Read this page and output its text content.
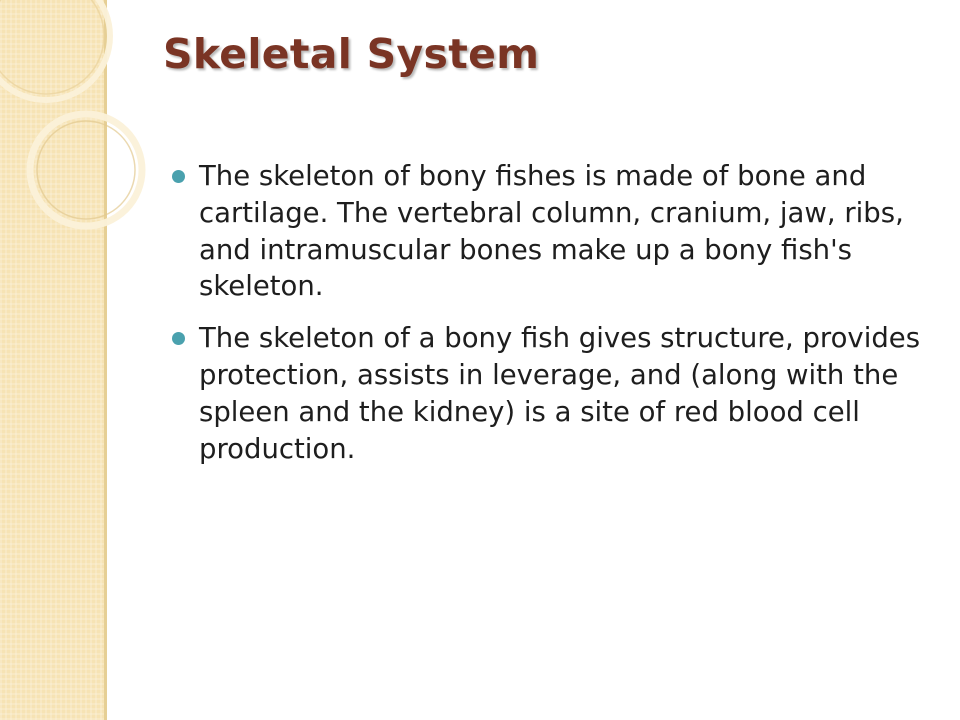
Skeletal System
The skeleton of bony fishes is made of bone and cartilage. The vertebral column, cranium, jaw, ribs, and intramuscular bones make up a bony fish's skeleton.
The skeleton of a bony fish gives structure, provides protection, assists in leverage, and (along with the spleen and the kidney) is a site of red blood cell production.
